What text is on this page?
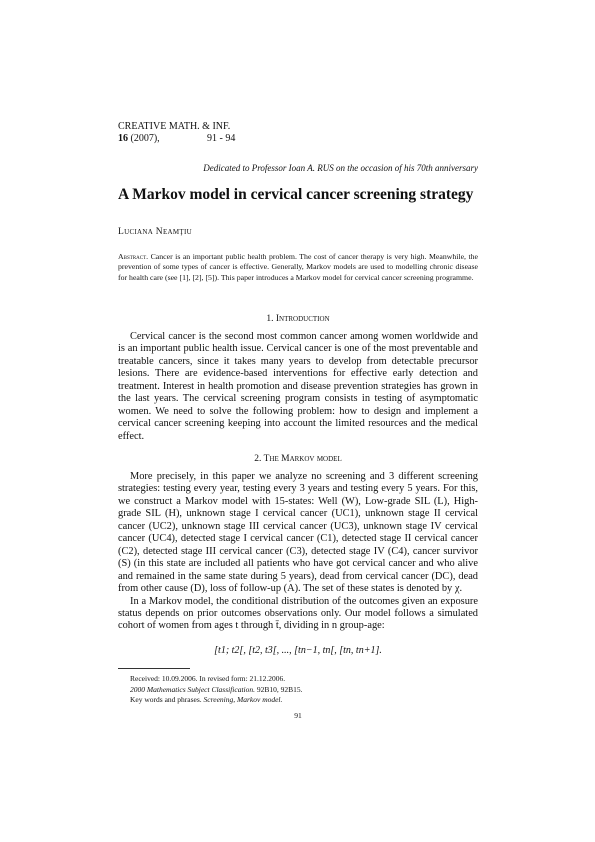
CREATIVE MATH. & INF.
16 (2007),	91 - 94
Dedicated to Professor Ioan A. RUS on the occasion of his 70th anniversary
A Markov model in cervical cancer screening strategy
Luciana Neamţiu
Abstract. Cancer is an important public health problem. The cost of cancer therapy is very high. Meanwhile, the prevention of some types of cancer is effective. Generally, Markov models are used to modelling chronic disease for health care (see [1], [2], [5]). This paper introduces a Markov model for cervical cancer screening programme.
1. Introduction

Cervical cancer is the second most common cancer among women worldwide and is an important public health issue. Cervical cancer is one of the most preventable and treatable cancers, since it takes many years to develop from detectable precursor lesions. There are evidence-based interventions for effective early detection and treatment. Interest in health promotion and disease prevention strategies has grown in the last years. The cervical screening program consists in testing of asymptomatic women. We need to solve the following problem: how to design and implement a cervical cancer screening keeping into account the limited resources and the medical effect.

2. The Markov model

More precisely, in this paper we analyze no screening and 3 different screening strategies: testing every year, testing every 3 years and testing every 5 years. For this, we construct a Markov model with 15-states: Well (W), Low-grade SIL (L), High-grade SIL (H), unknown stage I cervical cancer (UC1), unknown stage II cervical cancer (UC2), unknown stage III cervical cancer (UC3), unknown stage IV cervical cancer (UC4), detected stage I cervical cancer (C1), detected stage II cervical cancer (C2), detected stage III cervical cancer (C3), detected stage IV (C4), cancer survivor (S) (in this state are included all patients who have got cervical cancer and who alive and remained in the same state during 5 years), dead from cervical cancer (DC), dead from other cause (D), loss of follow-up (A). The set of these states is denoted by χ.

In a Markov model, the conditional distribution of the outcomes given an exposure status depends on prior outcomes observations only. Our model follows a simulated cohort of women from ages t through t̄, dividing in n group-age:

[t1; t2[, [t2, t3[, ..., [tn−1, tn[, [tn, tn+1].
Received: 10.09.2006. In revised form: 21.12.2006.
2000 Mathematics Subject Classification. 92B10, 92B15.
Key words and phrases. Screening, Markov model.
91
